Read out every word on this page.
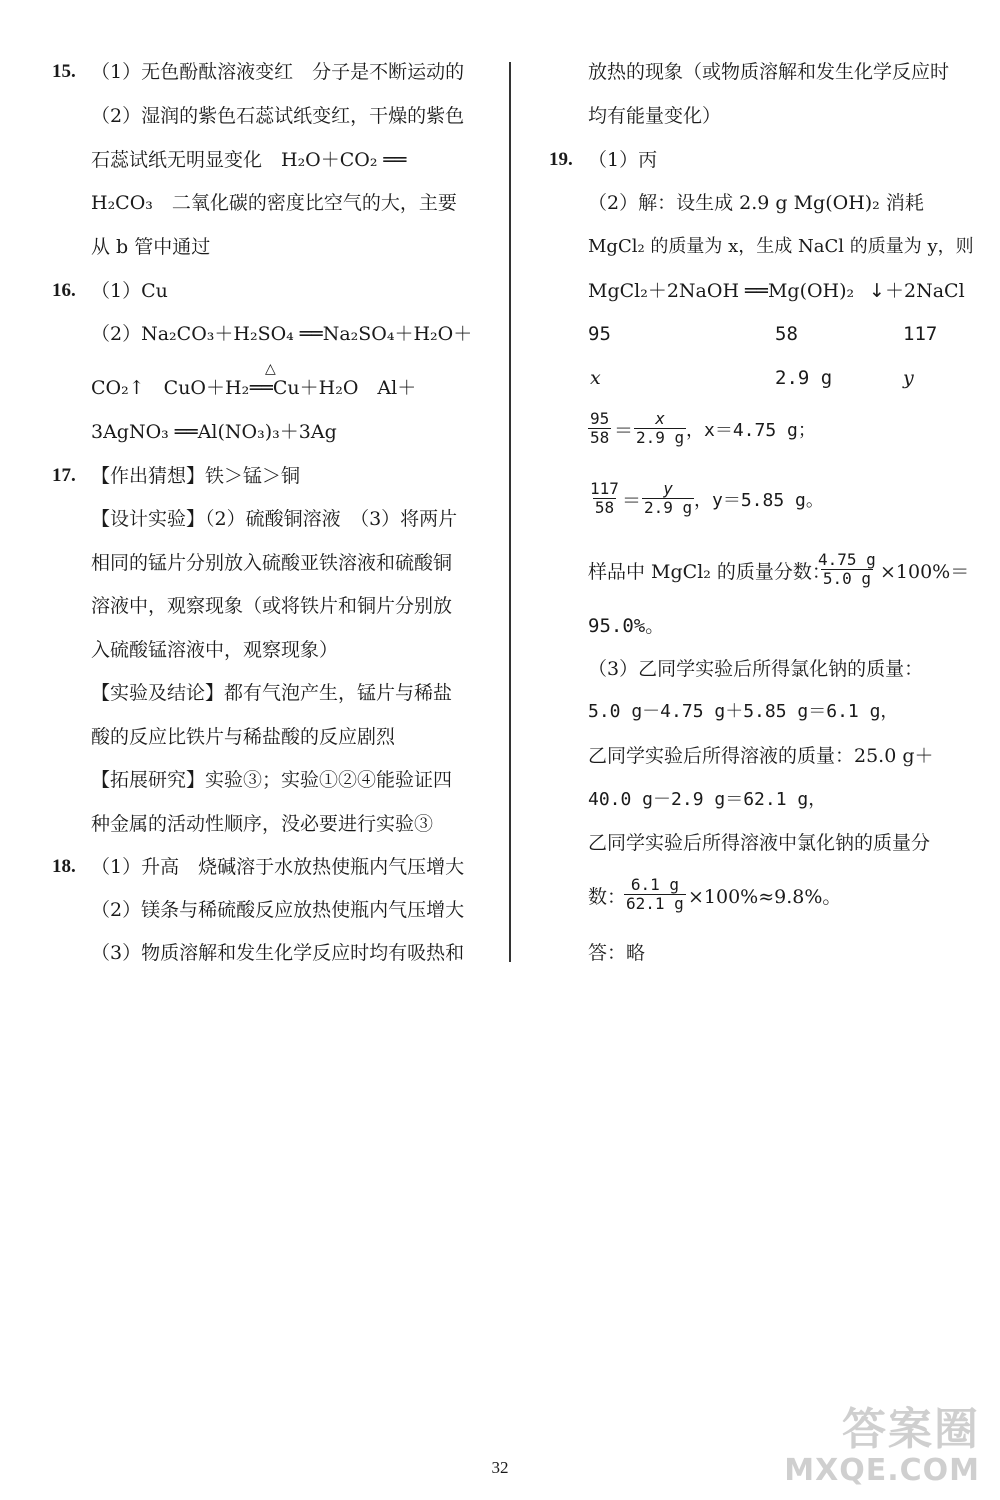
15. （1）无色酚酞溶液变红　分子是不断运动的
（2）湿润的紫色石蕊试纸变红，干燥的紫色
石蕊试纸无明显变化　H₂O＋CO₂ ══
H₂CO₃　二氧化碳的密度比空气的大，主要
从 b 管中通过
16. （1）Cu
（2）Na₂CO₃＋H₂SO₄ ══Na₂SO₄＋H₂O＋
CO₂↑　CuO＋H₂
△
══Cu＋H₂O　Al＋
3AgNO₃ ══Al(NO₃)₃＋3Ag
17. 【作出猜想】铁＞锰＞铜
【设计实验】（2）硫酸铜溶液　（3）将两片
相同的锰片分别放入硫酸亚铁溶液和硫酸铜
溶液中，观察现象（或将铁片和铜片分别放
入硫酸锰溶液中，观察现象）
【实验及结论】都有气泡产生，锰片与稀盐
酸的反应比铁片与稀盐酸的反应剧烈
【拓展研究】实验③；实验①②④能验证四
种金属的活动性顺序，没必要进行实验③
18. （1）升高　烧碱溶于水放热使瓶内气压增大
（2）镁条与稀硫酸反应放热使瓶内气压增大
（3）物质溶解和发生化学反应时均有吸热和
放热的现象（或物质溶解和发生化学反应时
均有能量变化）
19. （1）丙
（2）解：设生成 2.9 g Mg(OH)₂ 消耗
MgCl₂ 的质量为 x，生成 NaCl 的质量为 y，则
MgCl₂＋2NaOH ══Mg(OH)₂ ↓ ＋2NaCl
95	58	117
x	2.9 g	y
$\frac{95}{58} = \frac{x}{2.9 g}$ ，x＝4.75 g；
$\frac{117}{58} = \frac{y}{2.9 g}$ ，y＝5.85 g。
样品中 MgCl₂ 的质量分数：
$\frac{4.75 g}{5.0 g} \times 100\%=$
95.0%。
（3）乙同学实验后所得氯化钠的质量：
5.0 g－4.75 g＋5.85 g＝6.1 g，
乙同学实验后所得溶液的质量：25.0 g＋
40.0 g－2.9 g＝62.1 g，
乙同学实验后所得溶液中氯化钠的质量分
数：
$\frac{6.1 g}{62.1 g} \times 100\%\approx 9.8\%$。
答：略
32
答案圈
MXQE.COM
